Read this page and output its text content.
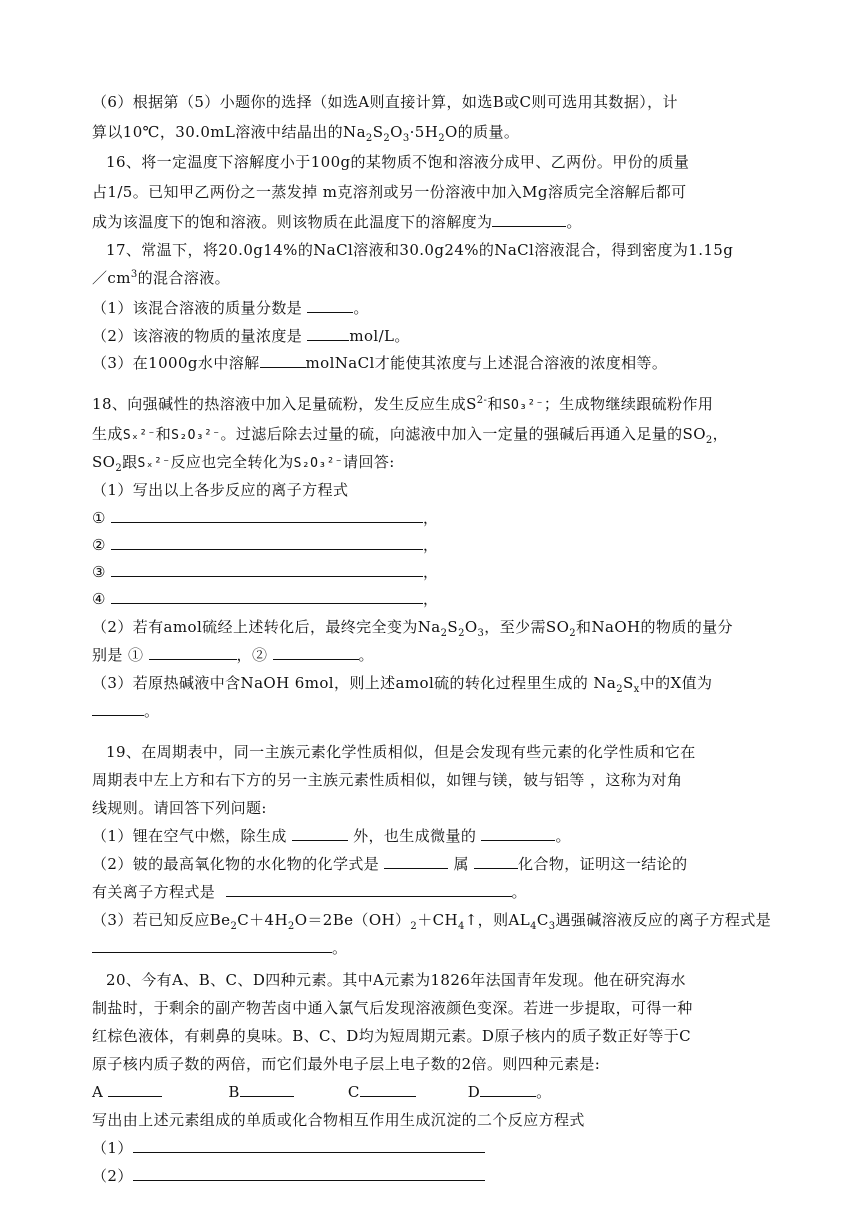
（6）根据第（5）小题你的选择（如选A则直接计算，如选B或C则可选用其数据），计
算以10℃，30.0mL溶液中结晶出的$Na_2S_2O_3\cdot 5H_2O$的质量。
16、将一定温度下溶解度小于100g的某物质不饱和溶液分成甲、乙两份。甲份的质量
占1/5。已知甲乙两份之一蒸发掉 m克溶剂或另一份溶液中加入Mg溶质完全溶解后都可
成为该温度下的饱和溶液。则该物质在此温度下的溶解度为	。
17、常温下，将20.0g14%的NaCl溶液和30.0g24%的NaCl溶液混合，得到密度为1.15g
$/cm^3$的混合溶液。
（1）该混合溶液的质量分数是	。
（2）该溶液的物质的量浓度是	mol/L。
（3）在1000g水中溶解	molNaCl才能使其浓度与上述混合溶液的浓度相等。
18、向强碱性的热溶液中加入足量硫粉，发生反应生成$S^{2-}$和SO₃²⁻；生成物继续跟硫粉作用
生成Sₓ²⁻和S₂O₃²⁻。过滤后除去过量的硫，向滤液中加入一定量的强碱后再通入足量的$SO_2$，
$SO_2$跟Sₓ²⁻反应也完全转化为S₂O₃²⁻请回答:
（1）写出以上各步反应的离子方程式
①	，
②	，
③	，
④	，
（2）若有amol硫经上述转化后，最终完全变为$Na_2S_2O_3$，至少需$SO_2$和NaOH的物质的量分
别是 ①	，②	。
（3）若原热碱液中含NaOH 6mol，则上述amol硫的转化过程里生成的 $Na_2S_x$中的X值为
。
19、在周期表中，同一主族元素化学性质相似，但是会发现有些元素的化学性质和它在
周期表中左上方和右下方的另一主族元素性质相似，如锂与镁，铍与铝等 ，这称为对角
线规则。请回答下列问题:
（1）锂在空气中燃，除生成	外，也生成微量的	。
（2）铍的最高氧化物的水化物的化学式是	属	化合物，证明这一结论的
有关离子方程式是	。
（3）若已知反应$Be_2C+4H_2O=2Be(OH)_2+CH_4↑$，则$AL_4C_3$遇强碱溶液反应的离子方程式是
。
20、今有A、B、C、D四种元素。其中A元素为1826年法国青年发现。他在研究海水
制盐时，于剩余的副产物苦卤中通入氯气后发现溶液颜色变深。若进一步提取，可得一种
红棕色液体，有刺鼻的臭味。B、C、D均为短周期元素。D原子核内的质子数正好等于C
原子核内质子数的两倍，而它们最外电子层上电子数的2倍。则四种元素是:
A	B	C	D	。
写出由上述元素组成的单质或化合物相互作用生成沉淀的二个反应方程式
（1）
（2）
